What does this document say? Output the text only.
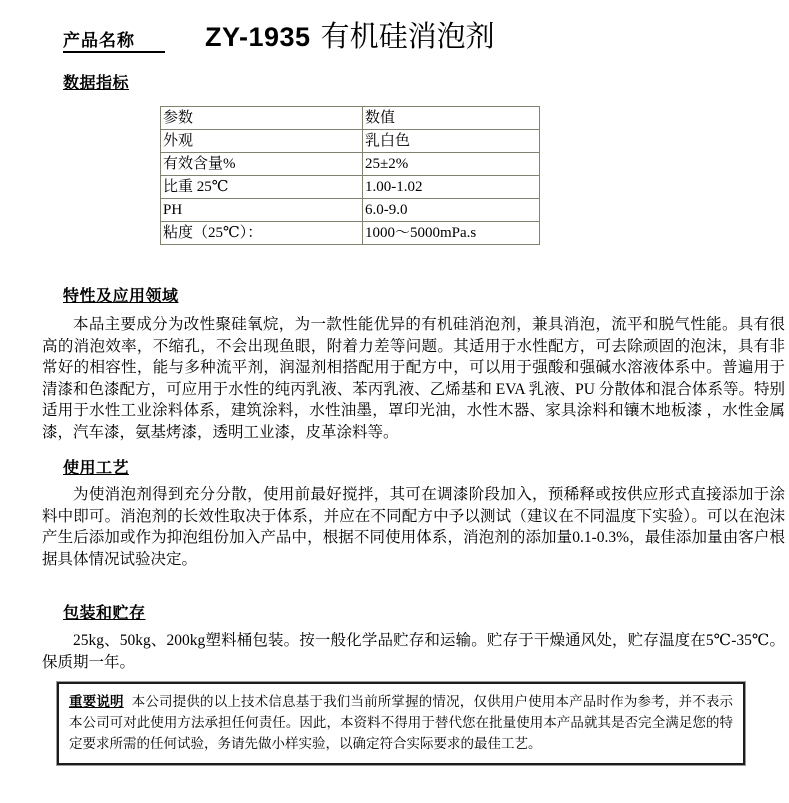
产品名称	ZY-1935 有机硅消泡剂
数据指标
参数	数值
外观	乳白色
有效含量%	25±2%
比重 25℃	1.00-1.02
PH	6.0-9.0
粘度（25℃）：	1000～5000mPa.s
特性及应用领域
本品主要成分为改性聚硅氧烷，为一款性能优异的有机硅消泡剂，兼具消泡，流平和脱气性能。具有很高的消泡效率，不缩孔，不会出现鱼眼，附着力差等问题。其适用于水性配方，可去除顽固的泡沫，具有非常好的相容性，能与多种流平剂，润湿剂相搭配用于配方中，可以用于强酸和强碱水溶液体系中。普遍用于清漆和色漆配方，可应用于水性的纯丙乳液、苯丙乳液、乙烯基和 EVA 乳液、PU 分散体和混合体系等。特别适用于水性工业涂料体系，建筑涂料，水性油墨，罩印光油，水性木器、家具涂料和镶木地板漆 ，水性金属漆，汽车漆，氨基烤漆，透明工业漆，皮革涂料等。
使用工艺
为使消泡剂得到充分分散，使用前最好搅拌，其可在调漆阶段加入，预稀释或按供应形式直接添加于涂料中即可。消泡剂的长效性取决于体系，并应在不同配方中予以测试（建议在不同温度下实验）。可以在泡沫产生后添加或作为抑泡组份加入产品中，根据不同使用体系，消泡剂的添加量0.1-0.3%，最佳添加量由客户根据具体情况试验决定。
包装和贮存
25kg、50kg、200kg塑料桶包装。按一般化学品贮存和运输。贮存于干燥通风处，贮存温度在5℃-35℃。保质期一年。
重要说明 本公司提供的以上技术信息基于我们当前所掌握的情况，仅供用户使用本产品时作为参考，并不表示本公司可对此使用方法承担任何责任。因此，本资料不得用于替代您在批量使用本产品就其是否完全满足您的特定要求所需的任何试验，务请先做小样实验，以确定符合实际要求的最佳工艺。
